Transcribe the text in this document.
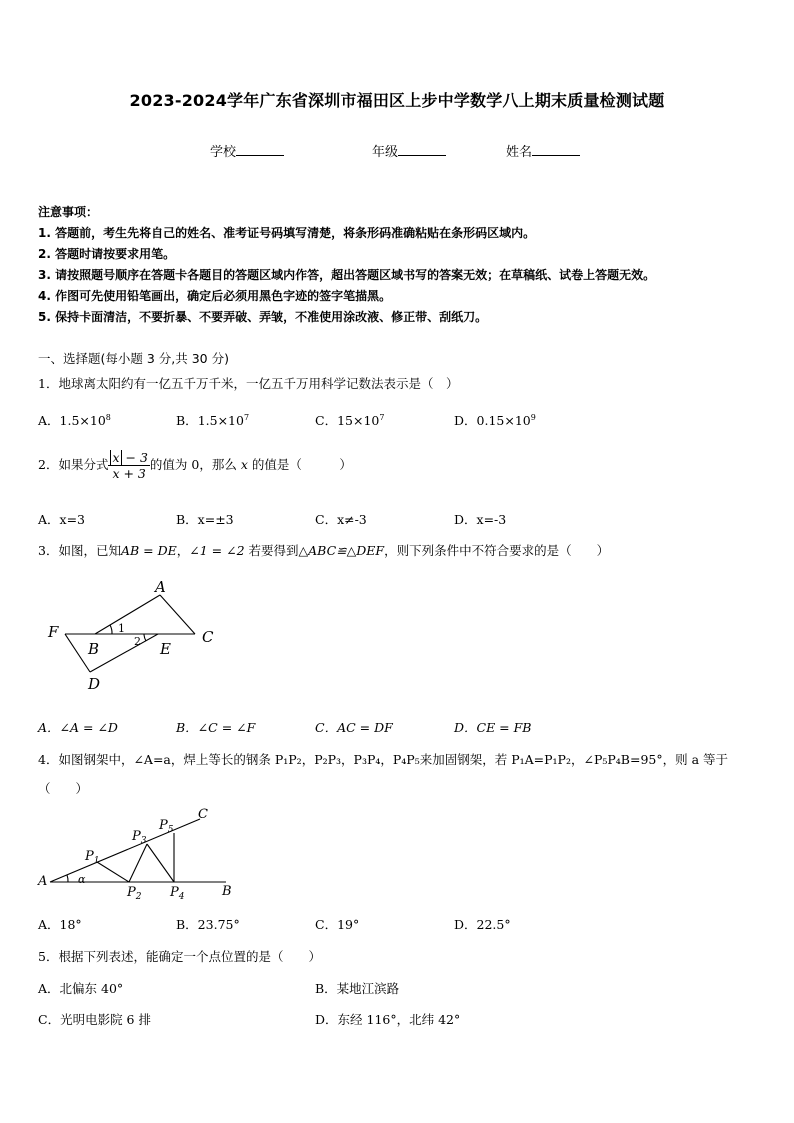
2023-2024学年广东省深圳市福田区上步中学数学八上期末质量检测试题
学校	年级	姓名
注意事项：
1. 答题前，考生先将自己的姓名、准考证号码填写清楚，将条形码准确粘贴在条形码区域内。
2. 答题时请按要求用笔。
3. 请按照题号顺序在答题卡各题目的答题区域内作答，超出答题区域书写的答案无效；在草稿纸、试卷上答题无效。
4. 作图可先使用铅笔画出，确定后必须用黑色字迹的签字笔描黑。
5. 保持卡面清洁，不要折暴、不要弄破、弄皱，不准使用涂改液、修正带、刮纸刀。
一、选择题(每小题 3 分,共 30 分)
1．地球离太阳约有一亿五千万千米，一亿五千万用科学记数法表示是（　）
A．$1.5\times 10^8$	B．$1.5\times 10^7$	C．$15\times 10^7$	D．$0.15\times 10^9$
2．如果分式 $\frac{x - 3}{x + 3}$ 的值为 0，那么 x 的值是（　　　）
A．x=3	B．x=±3	C．x≠-3	D．x=-3
3．如图，已知AB = DE，∠1 = ∠2 若要得到△ABC≌△DEF，则下列条件中不符合要求的是（　　）
A
F
B	E
C
D
1
2
A．∠A = ∠D	B．∠C = ∠F	C．AC = DF	D．CE = FB
4．如图钢架中，∠A=a，焊上等长的钢条 P₁P₂，P₂P₃，P₃P₄，P₄P₅来加固钢架，若 P₁A=P₁P₂，∠P₅P₄B=95°，则 a 等于
（　　）
A	α
B
C
$P_1$
$P_2$
$P_3$
$P_4$
$P_5$
A．18°	B．23.75°	C．19°	D．22.5°
5．根据下列表述，能确定一个点位置的是（　　）
A．北偏东 40°	B．某地江滨路
C．光明电影院 6 排	D．东经 116°，北纬 42°
